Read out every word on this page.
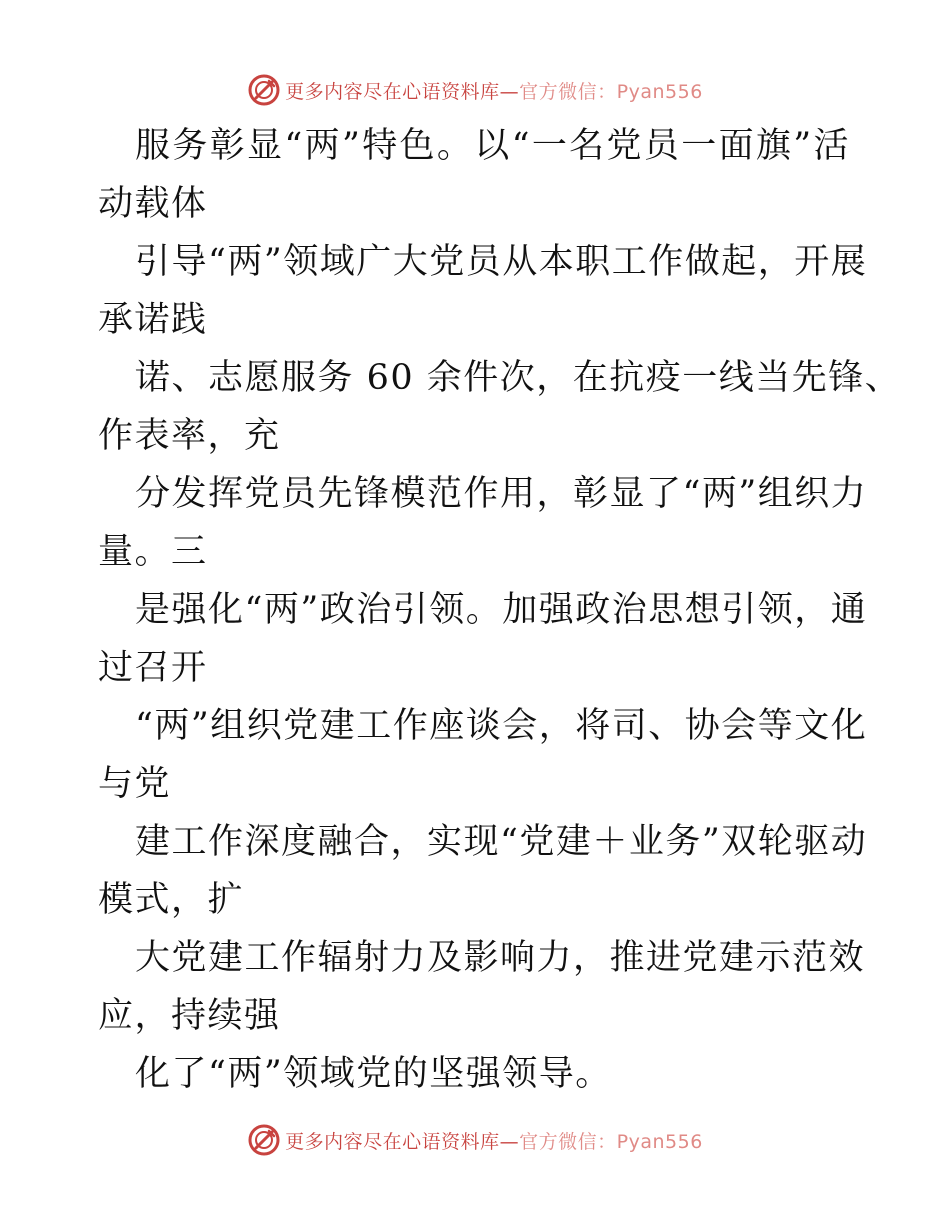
更多内容尽在心语资料库—官方微信：Pyan556
服务彰显“两”特色。以“一名党员一面旗”活
动载体
引导“两”领域广大党员从本职工作做起，开展
承诺践
诺、志愿服务 60 余件次，在抗疫一线当先锋、
作表率，充
分发挥党员先锋模范作用，彰显了“两”组织力
量。三
是强化“两”政治引领。加强政治思想引领，通
过召开
“两”组织党建工作座谈会，将司、协会等文化
与党
建工作深度融合，实现“党建＋业务”双轮驱动
模式，扩
大党建工作辐射力及影响力，推进党建示范效
应，持续强
化了“两”领域党的坚强领导。
更多内容尽在心语资料库—官方微信：Pyan556
